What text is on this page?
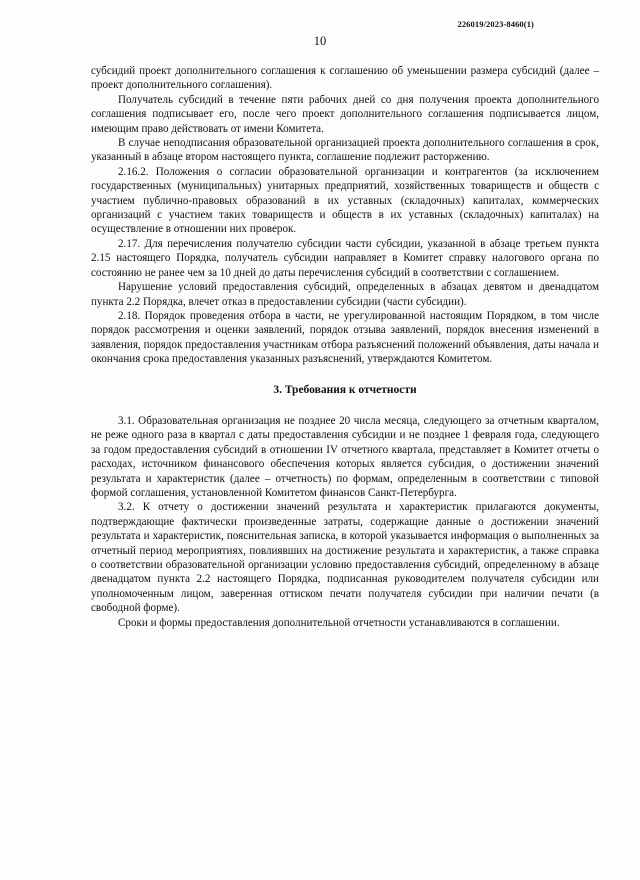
226019/2023-8460(1)
10

субсидий проект дополнительного соглашения к соглашению об уменьшении размера субсидий (далее – проект дополнительного соглашения).

Получатель субсидий в течение пяти рабочих дней со дня получения проекта дополнительного соглашения подписывает его, после чего проект дополнительного соглашения подписывается лицом, имеющим право действовать от имени Комитета.

В случае неподписания образовательной организацией проекта дополнительного соглашения в срок, указанный в абзаце втором настоящего пункта, соглашение подлежит расторжению.

2.16.2. Положения о согласии образовательной организации и контрагентов (за исключением государственных (муниципальных) унитарных предприятий, хозяйственных товариществ и обществ с участием публично-правовых образований в их уставных (складочных) капиталах, коммерческих организаций с участием таких товариществ и обществ в их уставных (складочных) капиталах) на осуществление в отношении них проверок.

2.17. Для перечисления получателю субсидии части субсидии, указанной в абзаце третьем пункта 2.15 настоящего Порядка, получатель субсидии направляет в Комитет справку налогового органа по состоянию не ранее чем за 10 дней до даты перечисления субсидий в соответствии с соглашением.

Нарушение условий предоставления субсидий, определенных в абзацах девятом и двенадцатом пункта 2.2 Порядка, влечет отказ в предоставлении субсидии (части субсидии).

2.18. Порядок проведения отбора в части, не урегулированной настоящим Порядком, в том числе порядок рассмотрения и оценки заявлений, порядок отзыва заявлений, порядок внесения изменений в заявления, порядок предоставления участникам отбора разъяснений положений объявления, даты начала и окончания срока предоставления указанных разъяснений, утверждаются Комитетом.

3. Требования к отчетности

3.1. Образовательная организация не позднее 20 числа месяца, следующего за отчетным кварталом, не реже одного раза в квартал с даты предоставления субсидии и не позднее 1 февраля года, следующего за годом предоставления субсидий в отношении IV отчетного квартала, представляет в Комитет отчеты о расходах, источником финансового обеспечения которых является субсидия, о достижении значений результата и характеристик (далее – отчетность) по формам, определенным в соответствии с типовой формой соглашения, установленной Комитетом финансов Санкт-Петербурга.

3.2. К отчету о достижении значений результата и характеристик прилагаются документы, подтверждающие фактически произведенные затраты, содержащие данные о достижении значений результата и характеристик, пояснительная записка, в которой указывается информация о выполненных за отчетный период мероприятиях, повлиявших на достижение результата и характеристик, а также справка о соответствии образовательной организации условию предоставления субсидий, определенному в абзаце двенадцатом пункта 2.2 настоящего Порядка, подписанная руководителем получателя субсидии или уполномоченным лицом, заверенная оттиском печати получателя субсидии при наличии печати (в свободной форме).

Сроки и формы предоставления дополнительной отчетности устанавливаются в соглашении.
